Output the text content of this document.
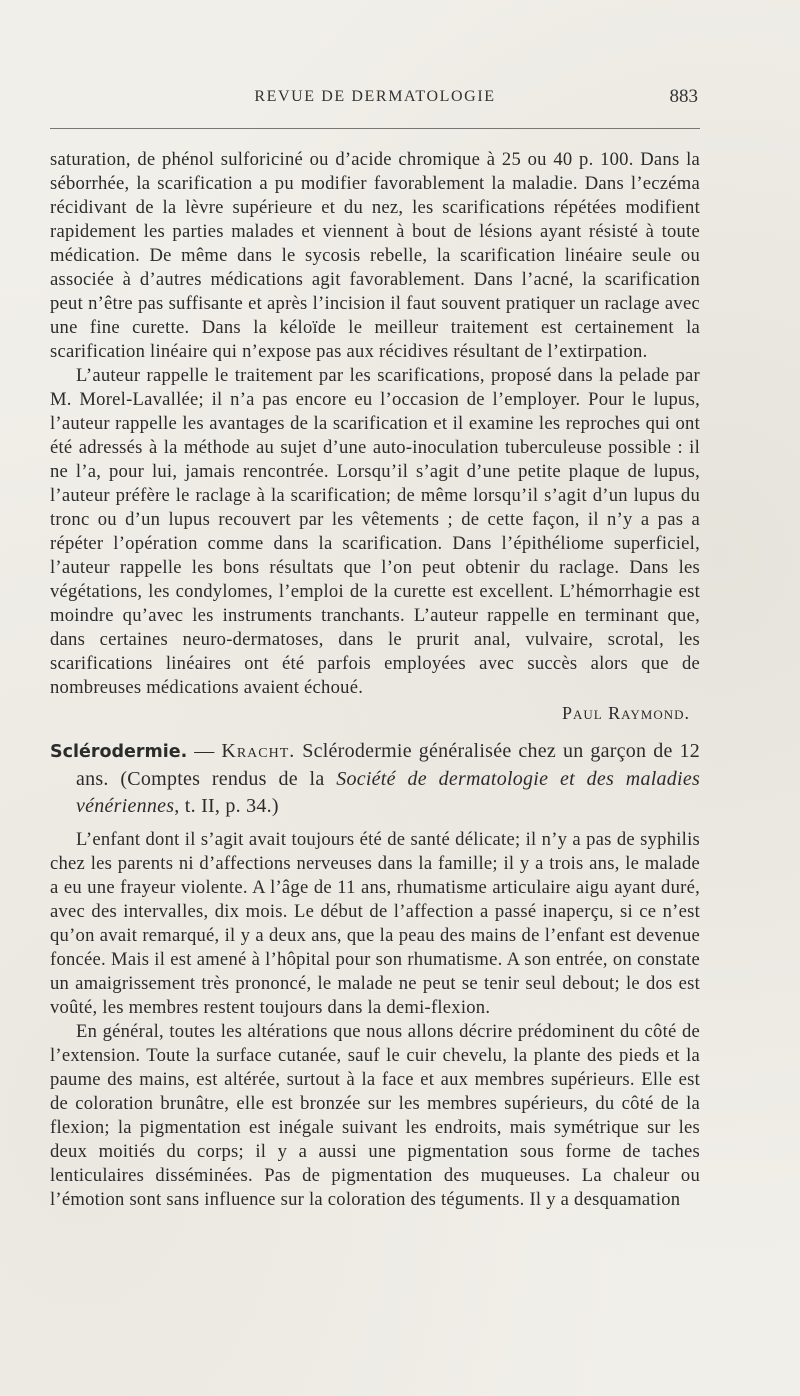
REVUE DE DERMATOLOGIE	883

saturation, de phénol sulforiciné ou d’acide chromique à 25 ou 40 p. 100. Dans la séborrhée, la scarification a pu modifier favorablement la maladie. Dans l’eczéma récidivant de la lèvre supérieure et du nez, les scarifications répétées modifient rapidement les parties malades et viennent à bout de lésions ayant résisté à toute médication. De même dans le sycosis rebelle, la scarification linéaire seule ou associée à d’autres médications agit favorablement. Dans l’acné, la scarification peut n’être pas suffisante et après l’incision il faut souvent pratiquer un raclage avec une fine curette. Dans la kéloïde le meilleur traitement est certainement la scarification linéaire qui n’expose pas aux récidives résultant de l’extirpation.

L’auteur rappelle le traitement par les scarifications, proposé dans la pelade par M. Morel-Lavallée; il n’a pas encore eu l’occasion de l’employer. Pour le lupus, l’auteur rappelle les avantages de la scarification et il examine les reproches qui ont été adressés à la méthode au sujet d’une auto-inoculation tuberculeuse possible : il ne l’a, pour lui, jamais rencontrée. Lorsqu’il s’agit d’une petite plaque de lupus, l’auteur préfère le raclage à la scarification; de même lorsqu’il s’agit d’un lupus du tronc ou d’un lupus recouvert par les vêtements ; de cette façon, il n’y a pas a répéter l’opération comme dans la scarification. Dans l’épithéliome superficiel, l’auteur rappelle les bons résultats que l’on peut obtenir du raclage. Dans les végétations, les condylomes, l’emploi de la curette est excellent. L’hémorrhagie est moindre qu’avec les instruments tranchants. L’auteur rappelle en terminant que, dans certaines neuro-dermatoses, dans le prurit anal, vulvaire, scrotal, les scarifications linéaires ont été parfois employées avec succès alors que de nombreuses médications avaient échoué.

Paul Raymond.

Sclérodermie. — Kracht. Sclérodermie généralisée chez un garçon de 12 ans. (Comptes rendus de la Société de dermatologie et des maladies vénériennes, t. II, p. 34.)

L’enfant dont il s’agit avait toujours été de santé délicate; il n’y a pas de syphilis chez les parents ni d’affections nerveuses dans la famille; il y a trois ans, le malade a eu une frayeur violente. A l’âge de 11 ans, rhumatisme articulaire aigu ayant duré, avec des intervalles, dix mois. Le début de l’affection a passé inaperçu, si ce n’est qu’on avait remarqué, il y a deux ans, que la peau des mains de l’enfant est devenue foncée. Mais il est amené à l’hôpital pour son rhumatisme. A son entrée, on constate un amaigrissement très prononcé, le malade ne peut se tenir seul debout; le dos est voûté, les membres restent toujours dans la demi-flexion.

En général, toutes les altérations que nous allons décrire prédominent du côté de l’extension. Toute la surface cutanée, sauf le cuir chevelu, la plante des pieds et la paume des mains, est altérée, surtout à la face et aux membres supérieurs. Elle est de coloration brunâtre, elle est bronzée sur les membres supérieurs, du côté de la flexion; la pigmentation est inégale suivant les endroits, mais symétrique sur les deux moitiés du corps; il y a aussi une pigmentation sous forme de taches lenticulaires disséminées. Pas de pigmentation des muqueuses. La chaleur ou l’émotion sont sans influence sur la coloration des téguments. Il y a desquamation
